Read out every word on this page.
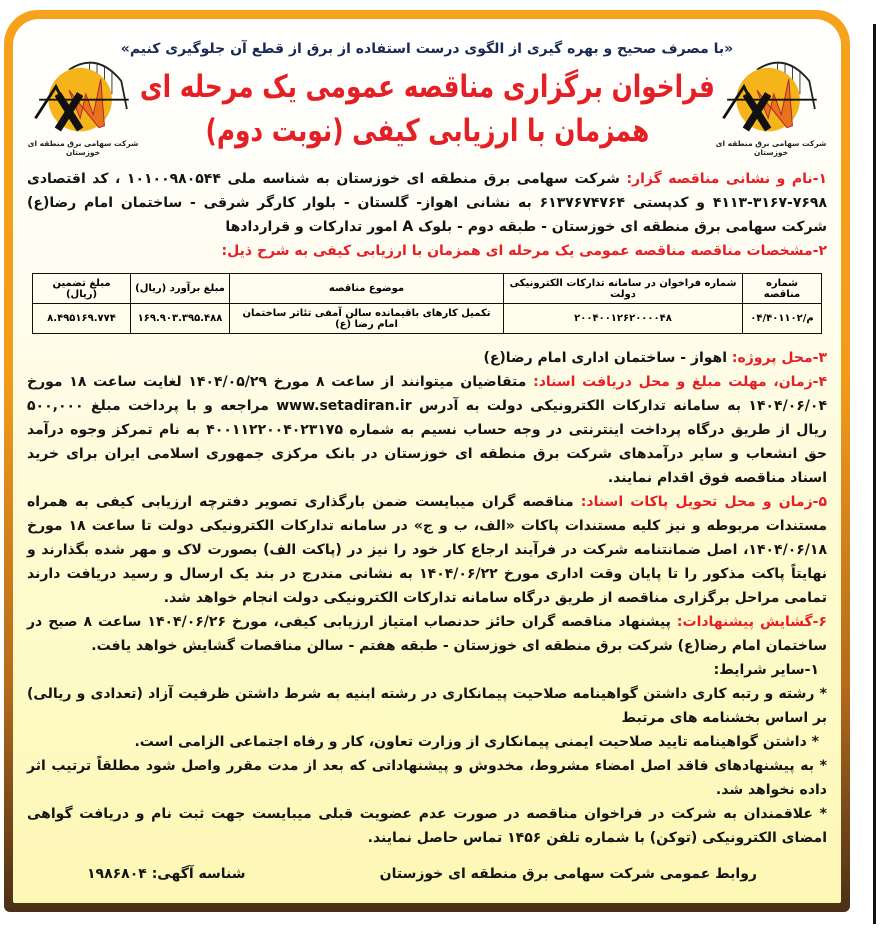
شرکت سهامی برق منطقه ای خوزستان
شرکت سهامی برق منطقه ای خوزستان
«با مصرف صحیح و بهره گیری از الگوی درست استفاده از برق از قطع آن جلوگیری کنیم»
فراخوان برگزاری مناقصه عمومی یک مرحله ای
همزمان با ارزیابی کیفی (نوبت دوم)

۱-نام و نشانی مناقصه گزار: شرکت سهامی برق منطقه ای خوزستان به شناسه ملی ۱۰۱۰۰۹۸۰۵۴۴ ، کد اقتصادی ۷۶۹۸-۳۱۶۷-۴۱۱۳ و کدپستی ۶۱۳۷۶۷۴۷۶۴ به نشانی اهواز- گلستان - بلوار کارگر شرقی - ساختمان امام رضا(ع) شرکت سهامی برق منطقه ای خوزستان - طبقه دوم - بلوک A امور تدارکات و قراردادها

۲-مشخصات مناقصه مناقصه عمومی یک مرحله ای همزمان با ارزیابی کیفی به شرح ذیل:

شماره مناقصه	شماره فراخوان در سامانه تدارکات الکترونیکی دولت	موضوع مناقصه	مبلغ برآورد (ریال)	مبلغ تضمین (ریال)
م/۰۴/۴۰۱۱۰۲	۲۰۰۴۰۰۱۲۶۲۰۰۰۰۴۸	تکمیل کارهای باقیمانده سالن آمفی تئاتر ساختمان امام رضا (ع)	۱۶۹.۹۰۳.۳۹۵.۴۸۸	۸.۴۹۵۱۶۹.۷۷۴

۳-محل پروژه: اهواز - ساختمان اداری امام رضا(ع)

۴-زمان، مهلت مبلغ و محل دریافت اسناد: متقاضیان میتوانند از ساعت ۸ مورخ ۱۴۰۴/۰۵/۲۹ لغایت ساعت ۱۸ مورخ ۱۴۰۴/۰۶/۰۴ به سامانه تدارکات الکترونیکی دولت به آدرس www.setadiran.ir مراجعه و با پرداخت مبلغ ۵۰۰,۰۰۰ ریال از طریق درگاه پرداخت اینترنتی در وجه حساب نسیم به شماره ۴۰۰۱۱۲۲۰۰۴۰۲۳۱۷۵ به نام تمرکز وجوه درآمد حق انشعاب و سایر درآمدهای شرکت برق منطقه ای خوزستان در بانک مرکزی جمهوری اسلامی ایران برای خرید اسناد مناقصه فوق اقدام نمایند.

۵-زمان و محل تحویل پاکات اسناد: مناقصه گران میبایست ضمن بارگذاری تصویر دفترچه ارزیابی کیفی به همراه مستندات مربوطه و نیز کلیه مستندات پاکات «الف، ب و ج» در سامانه تدارکات الکترونیکی دولت تا ساعت ۱۸ مورخ ۱۴۰۴/۰۶/۱۸، اصل ضمانتنامه شرکت در فرآیند ارجاع کار خود را نیز در (پاکت الف) بصورت لاک و مهر شده بگذارند و نهایتاً پاکت مذکور را تا پایان وقت اداری مورخ ۱۴۰۴/۰۶/۲۲ به نشانی مندرج در بند یک ارسال و رسید دریافت دارند تمامی مراحل برگزاری مناقصه از طریق درگاه سامانه تدارکات الکترونیکی دولت انجام خواهد شد.

۶-گشایش پیشنهادات: پیشنهاد مناقصه گران حائز حدنصاب امتیاز ارزیابی کیفی، مورخ ۱۴۰۴/۰۶/۲۶ ساعت ۸ صبح در ساختمان امام رضا(ع) شرکت برق منطقه ای خوزستان - طبقه هفتم - سالن مناقصات گشایش خواهد یافت.

۱-سایر شرایط:

* رشته و رتبه کاری داشتن گواهینامه صلاحیت پیمانکاری در رشته ابنیه به شرط داشتن ظرفیت آزاد (تعدادی و ریالی) بر اساس بخشنامه های مرتبط

* داشتن گواهینامه تایید صلاحیت ایمنی پیمانکاری از وزارت تعاون، کار و رفاه اجتماعی الزامی است.

* به پیشنهادهای فاقد اصل امضاء مشروط، مخدوش و پیشنهاداتی که بعد از مدت مقرر واصل شود مطلقاً ترتیب اثر داده نخواهد شد.

* علاقمندان به شرکت در فراخوان مناقصه در صورت عدم عضویت قبلی میبایست جهت ثبت نام و دریافت گواهی امضای الکترونیکی (توکن) با شماره تلفن ۱۴۵۶ تماس حاصل نمایند.

روابط عمومی شرکت سهامی برق منطقه ای خوزستان
شناسه آگهی: ۱۹۸۶۸۰۴
